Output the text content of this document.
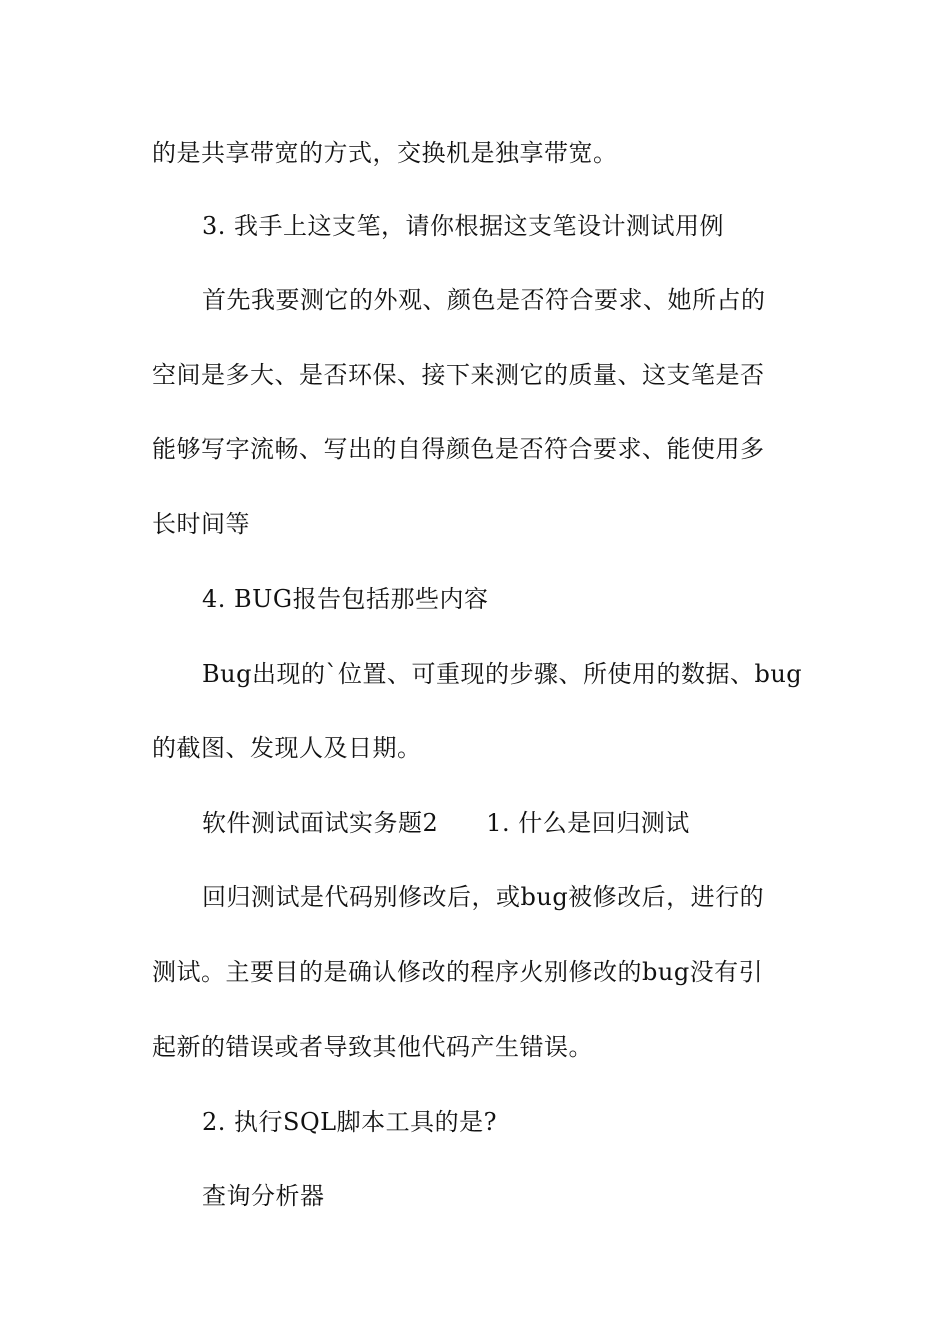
的是共享带宽的方式，交换机是独享带宽。
3. 我手上这支笔，请你根据这支笔设计测试用例
首先我要测它的外观、颜色是否符合要求、她所占的
空间是多大、是否环保、接下来测它的质量、这支笔是否
能够写字流畅、写出的自得颜色是否符合要求、能使用多
长时间等
4. BUG报告包括那些内容
Bug出现的`位置、可重现的步骤、所使用的数据、bug
的截图、发现人及日期。
软件测试面试实务题2 1. 什么是回归测试
回归测试是代码别修改后，或bug被修改后，进行的
测试。主要目的是确认修改的程序火别修改的bug没有引
起新的错误或者导致其他代码产生错误。
2. 执行SQL脚本工具的是?
查询分析器
